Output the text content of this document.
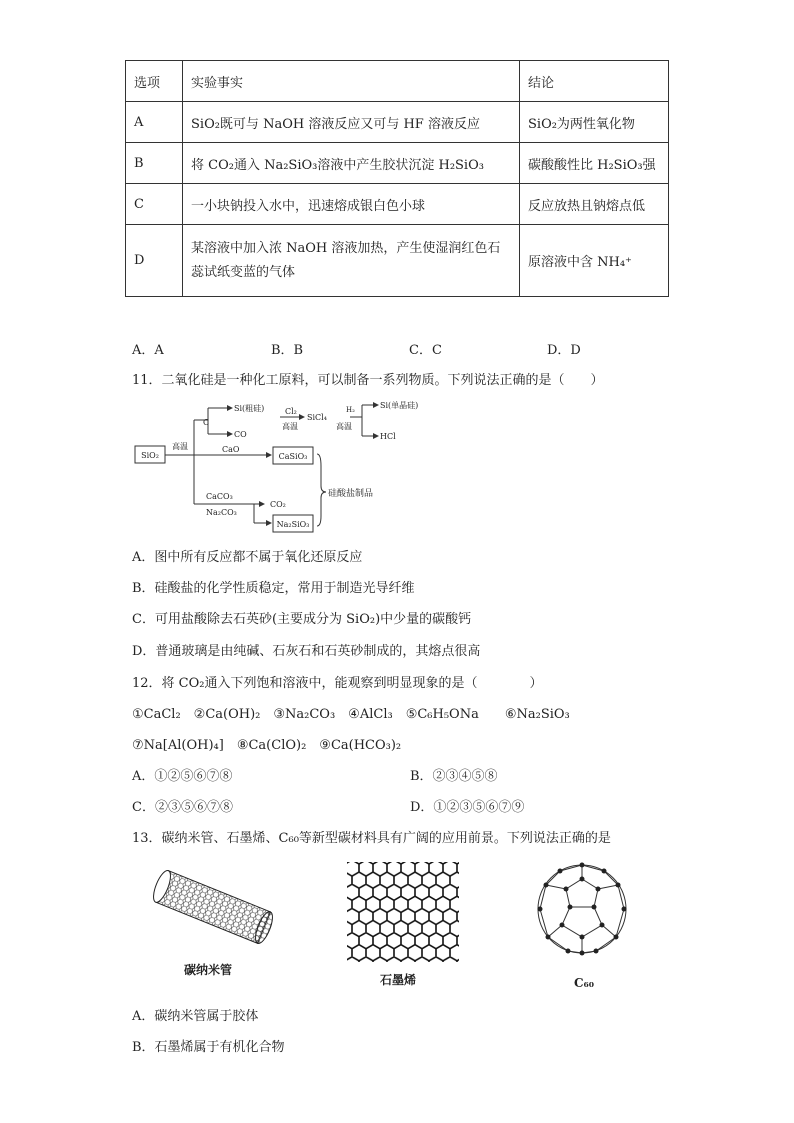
选项	实验事实	结论
A	SiO₂既可与 NaOH 溶液反应又可与 HF 溶液反应	SiO₂为两性氧化物
B	将 CO₂通入 Na₂SiO₃溶液中产生胶状沉淀 H₂SiO₃	碳酸酸性比 H₂SiO₃强
C	一小块钠投入水中，迅速熔成银白色小球	反应放热且钠熔点低
D	某溶液中加入浓 NaOH 溶液加热，产生使湿润红色石
蕊试纸变蓝的气体	原溶液中含 NH₄⁺
A．A	B．B	C．C	D．D
11．二氧化硅是一种化工原料，可以制备一系列物质。下列说法正确的是（　　）
SiO₂
高温
C
Si(粗硅)
CO
Cl₂
高温
SiCl₄
H₂
高温
Si(单晶硅)
HCl
CaO
CaSiO₃
CaCO₃
Na₂CO₃
CO₂
Na₂SiO₃
硅酸盐制品
A．图中所有反应都不属于氧化还原反应
B．硅酸盐的化学性质稳定，常用于制造光导纤维
C．可用盐酸除去石英砂(主要成分为 SiO₂)中少量的碳酸钙
D．普通玻璃是由纯碱、石灰石和石英砂制成的，其熔点很高
12．将 CO₂通入下列饱和溶液中，能观察到明显现象的是（　　　　）
①CaCl₂　②Ca(OH)₂　③Na₂CO₃　④AlCl₃　⑤C₆H₅ONa　　⑥Na₂SiO₃
⑦Na[Al(OH)₄]　⑧Ca(ClO)₂　⑨Ca(HCO₃)₂
A．①②⑤⑥⑦⑧	B．②③④⑤⑧
C．②③⑤⑥⑦⑧	D．①②③⑤⑥⑦⑨
13．碳纳米管、石墨烯、C₆₀等新型碳材料具有广阔的应用前景。下列说法正确的是
碳纳米管
石墨烯	C₆₀
A．碳纳米管属于胶体
B．石墨烯属于有机化合物
